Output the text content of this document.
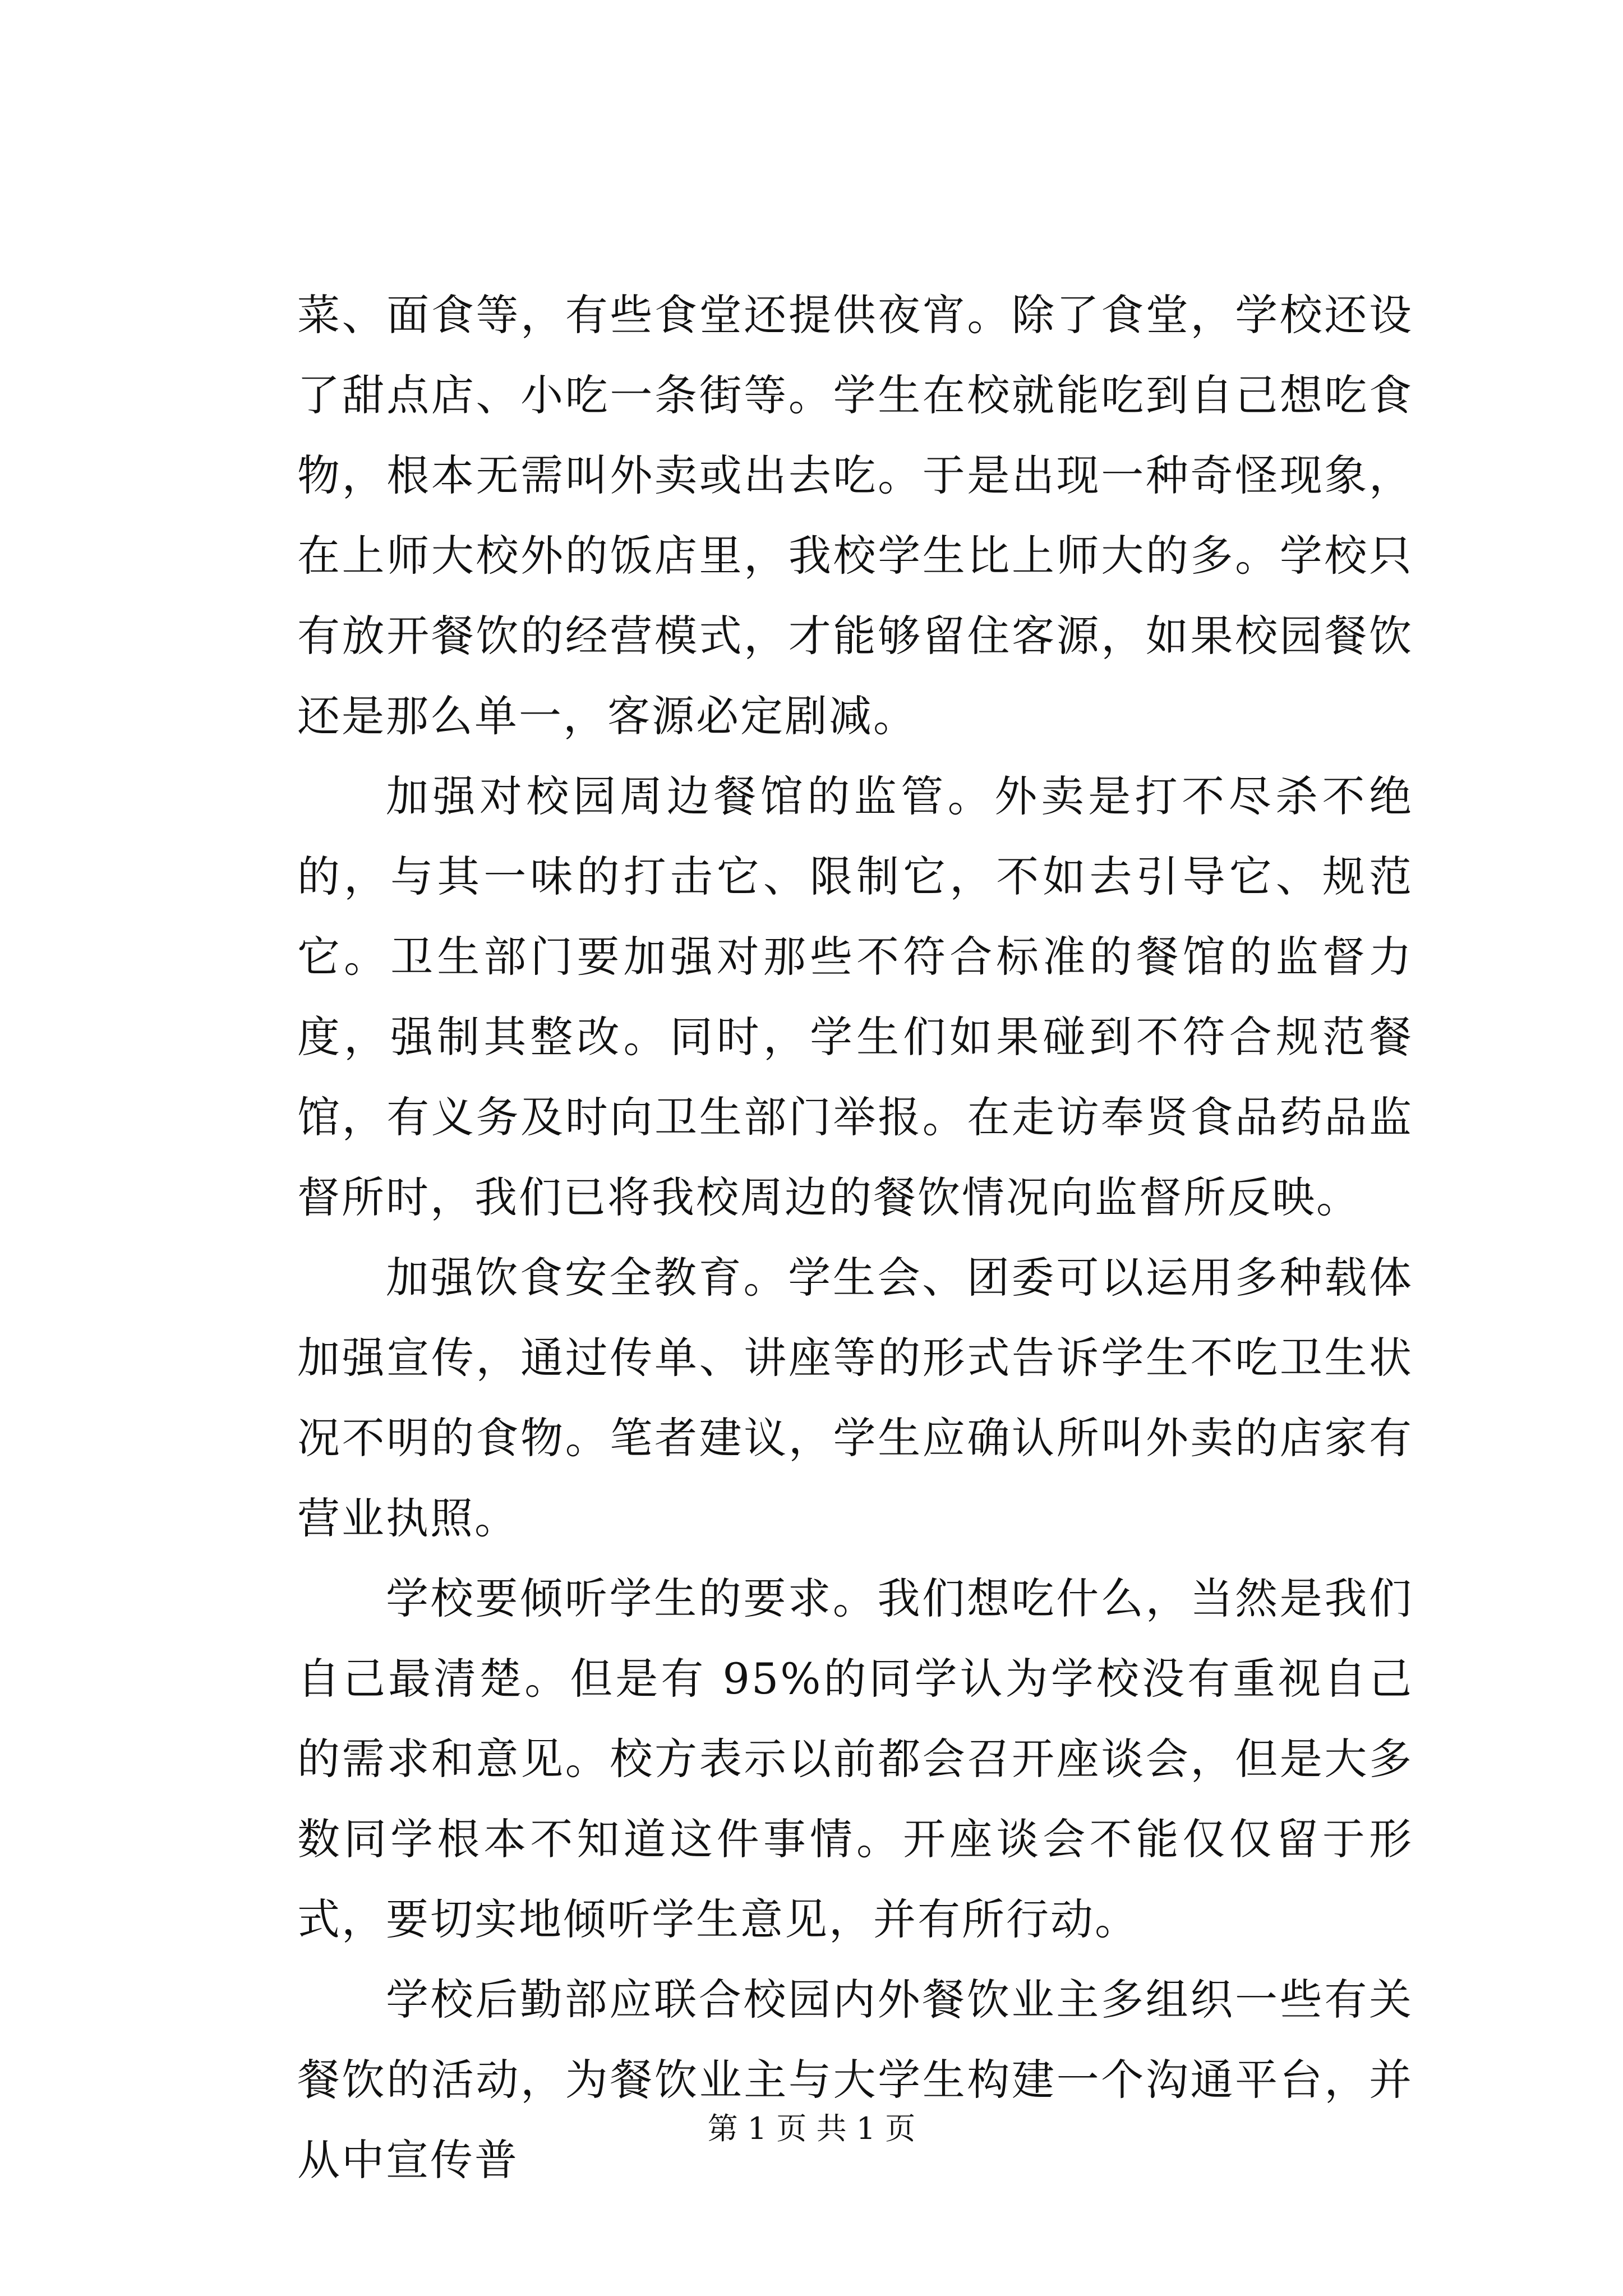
菜、面食等，有些食堂还提供夜宵。除了食堂，学校还设了甜点店、小吃一条街等。学生在校就能吃到自己想吃食物，根本无需叫外卖或出去吃。于是出现一种奇怪现象，在上师大校外的饭店里，我校学生比上师大的多。学校只有放开餐饮的经营模式，才能够留住客源，如果校园餐饮还是那么单一，客源必定剧减。

加强对校园周边餐馆的监管。外卖是打不尽杀不绝的，与其一味的打击它、限制它，不如去引导它、规范它。卫生部门要加强对那些不符合标准的餐馆的监督力度，强制其整改。同时，学生们如果碰到不符合规范餐馆，有义务及时向卫生部门举报。在走访奉贤食品药品监督所时，我们已将我校周边的餐饮情况向监督所反映。

加强饮食安全教育。学生会、团委可以运用多种载体加强宣传，通过传单、讲座等的形式告诉学生不吃卫生状况不明的食物。笔者建议，学生应确认所叫外卖的店家有营业执照。

学校要倾听学生的要求。我们想吃什么，当然是我们自己最清楚。但是有 95%的同学认为学校没有重视自己的需求和意见。校方表示以前都会召开座谈会，但是大多数同学根本不知道这件事情。开座谈会不能仅仅留于形式，要切实地倾听学生意见，并有所行动。

学校后勤部应联合校园内外餐饮业主多组织一些有关餐饮的活动，为餐饮业主与大学生构建一个沟通平台，并从中宣传普

第 1 页 共 1 页
